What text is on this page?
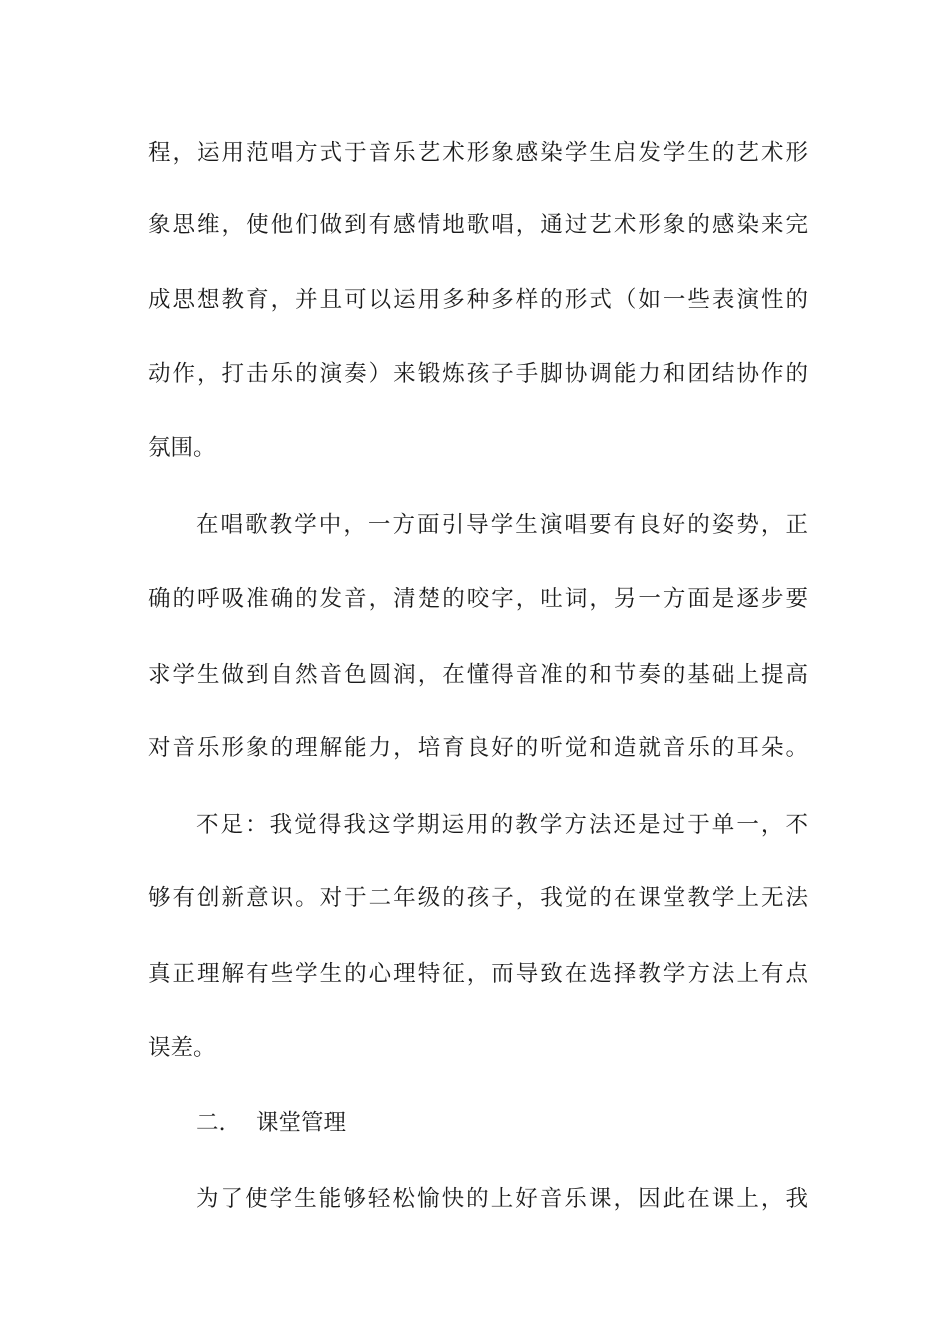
程，运用范唱方式于音乐艺术形象感染学生启发学生的艺术形
象思维，使他们做到有感情地歌唱，通过艺术形象的感染来完
成思想教育，并且可以运用多种多样的形式（如一些表演性的
动作，打击乐的演奏）来锻炼孩子手脚协调能力和团结协作的
氛围。
在唱歌教学中，一方面引导学生演唱要有良好的姿势，正
确的呼吸准确的发音，清楚的咬字，吐词，另一方面是逐步要
求学生做到自然音色圆润，在懂得音准的和节奏的基础上提高
对音乐形象的理解能力，培育良好的听觉和造就音乐的耳朵。
不足：我觉得我这学期运用的教学方法还是过于单一，不
够有创新意识。对于二年级的孩子，我觉的在课堂教学上无法
真正理解有些学生的心理特征，而导致在选择教学方法上有点
误差。
二. 课堂管理
为了使学生能够轻松愉快的上好音乐课，因此在课上，我
